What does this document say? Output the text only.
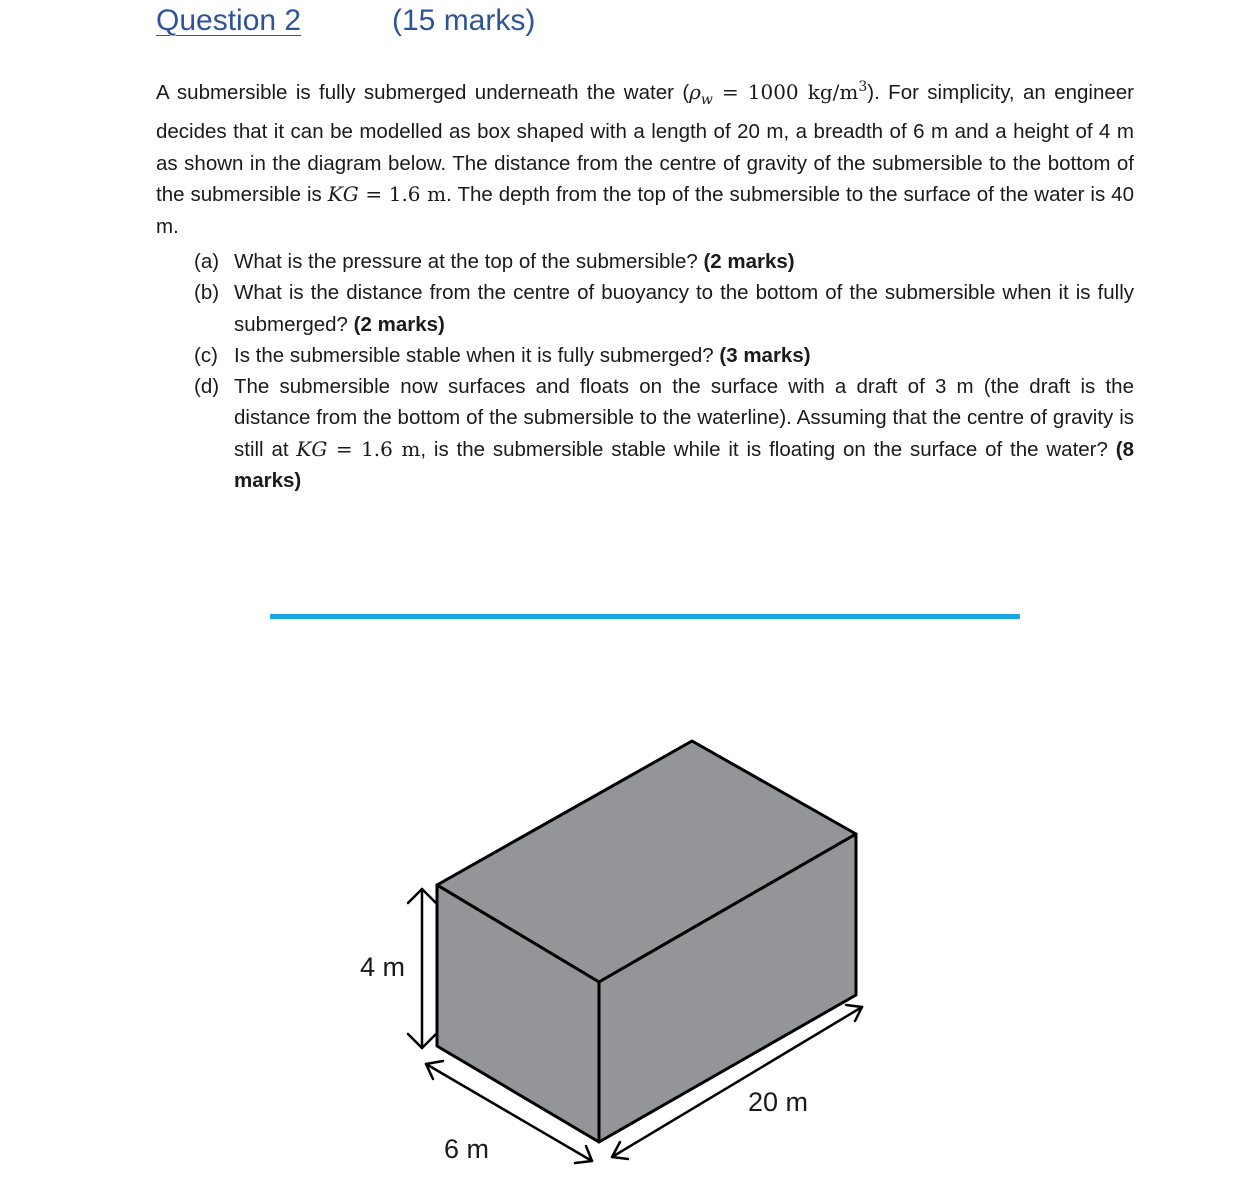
Question 2	(15 marks)

A submersible is fully submerged underneath the water ($\rho_w = 1000$ $kg/m^3$). For simplicity, an engineer decides that it can be modelled as box shaped with a length of 20 m, a breadth of 6 m and a height of 4 m as shown in the diagram below. The distance from the centre of gravity of the submersible to the bottom of the submersible is KG = 1.6 m. The depth from the top of the submersible to the surface of the water is 40 m.

(a) What is the pressure at the top of the submersible? (2 marks)
(b) What is the distance from the centre of buoyancy to the bottom of the submersible when it is fully submerged? (2 marks)
(c) Is the submersible stable when it is fully submerged? (3 marks)
(d) The submersible now surfaces and floats on the surface with a draft of 3 m (the draft is the distance from the bottom of the submersible to the waterline). Assuming that the centre of gravity is still at KG = 1.6 m, is the submersible stable while it is floating on the surface of the water? (8 marks)
4 m
6 m
20 m
